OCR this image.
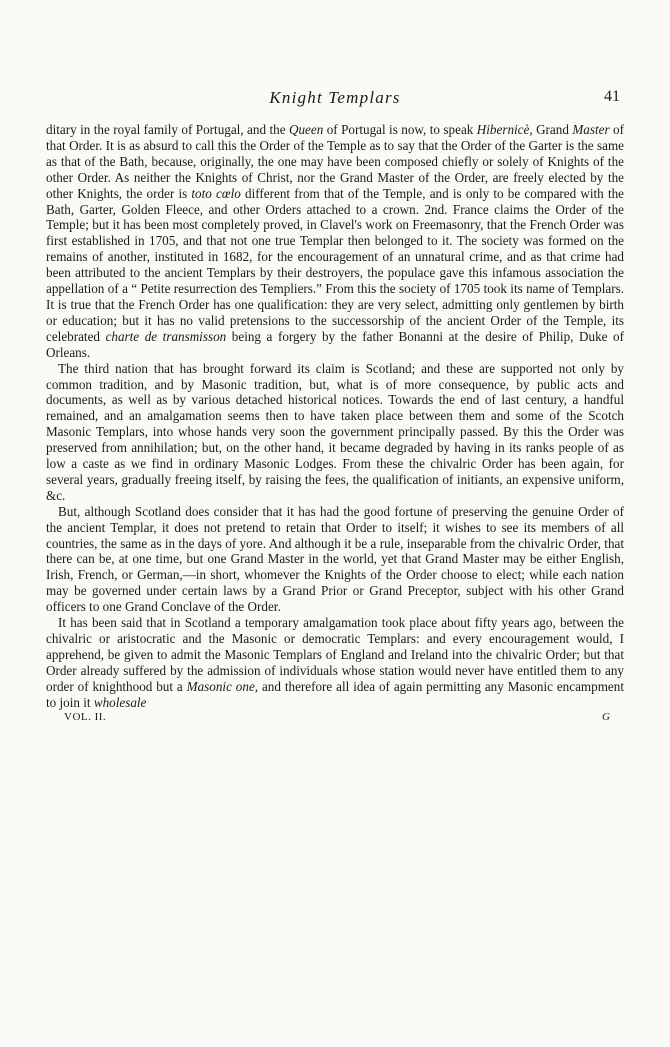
Knight Templars	41

ditary in the royal family of Portugal, and the Queen of Portugal is now, to speak Hibernicè, Grand Master of that Order. It is as absurd to call this the Order of the Temple as to say that the Order of the Garter is the same as that of the Bath, because, originally, the one may have been composed chiefly or solely of Knights of the other Order. As neither the Knights of Christ, nor the Grand Master of the Order, are freely elected by the other Knights, the order is toto cœlo different from that of the Temple, and is only to be compared with the Bath, Garter, Golden Fleece, and other Orders attached to a crown. 2nd. France claims the Order of the Temple; but it has been most completely proved, in Clavel's work on Freemasonry, that the French Order was first established in 1705, and that not one true Templar then belonged to it. The society was formed on the remains of another, instituted in 1682, for the encouragement of an unnatural crime, and as that crime had been attributed to the ancient Templars by their destroyers, the populace gave this infamous association the appellation of a “ Petite resurrection des Templiers.” From this the society of 1705 took its name of Templars. It is true that the French Order has one qualification: they are very select, admitting only gentlemen by birth or education; but it has no valid pretensions to the successorship of the ancient Order of the Temple, its celebrated charte de transmisson being a forgery by the father Bonanni at the desire of Philip, Duke of Orleans.

The third nation that has brought forward its claim is Scotland; and these are supported not only by common tradition, and by Masonic tradition, but, what is of more consequence, by public acts and documents, as well as by various detached historical notices. Towards the end of last century, a handful remained, and an amalgamation seems then to have taken place between them and some of the Scotch Masonic Templars, into whose hands very soon the government principally passed. By this the Order was preserved from annihilation; but, on the other hand, it became degraded by having in its ranks people of as low a caste as we find in ordinary Masonic Lodges. From these the chivalric Order has been again, for several years, gradually freeing itself, by raising the fees, the qualification of initiants, an expensive uniform, &c.

But, although Scotland does consider that it has had the good fortune of preserving the genuine Order of the ancient Templar, it does not pretend to retain that Order to itself; it wishes to see its members of all countries, the same as in the days of yore. And although it be a rule, inseparable from the chivalric Order, that there can be, at one time, but one Grand Master in the world, yet that Grand Master may be either English, Irish, French, or German,—in short, whomever the Knights of the Order choose to elect; while each nation may be governed under certain laws by a Grand Prior or Grand Preceptor, subject with his other Grand officers to one Grand Conclave of the Order.

It has been said that in Scotland a temporary amalgamation took place about fifty years ago, between the chivalric or aristocratic and the Masonic or democratic Templars: and every encouragement would, I apprehend, be given to admit the Masonic Templars of England and Ireland into the chivalric Order; but that Order already suffered by the admission of individuals whose station would never have entitled them to any order of knighthood but a Masonic one, and therefore all idea of again permitting any Masonic encampment to join it wholesale

VOL. II.	G
